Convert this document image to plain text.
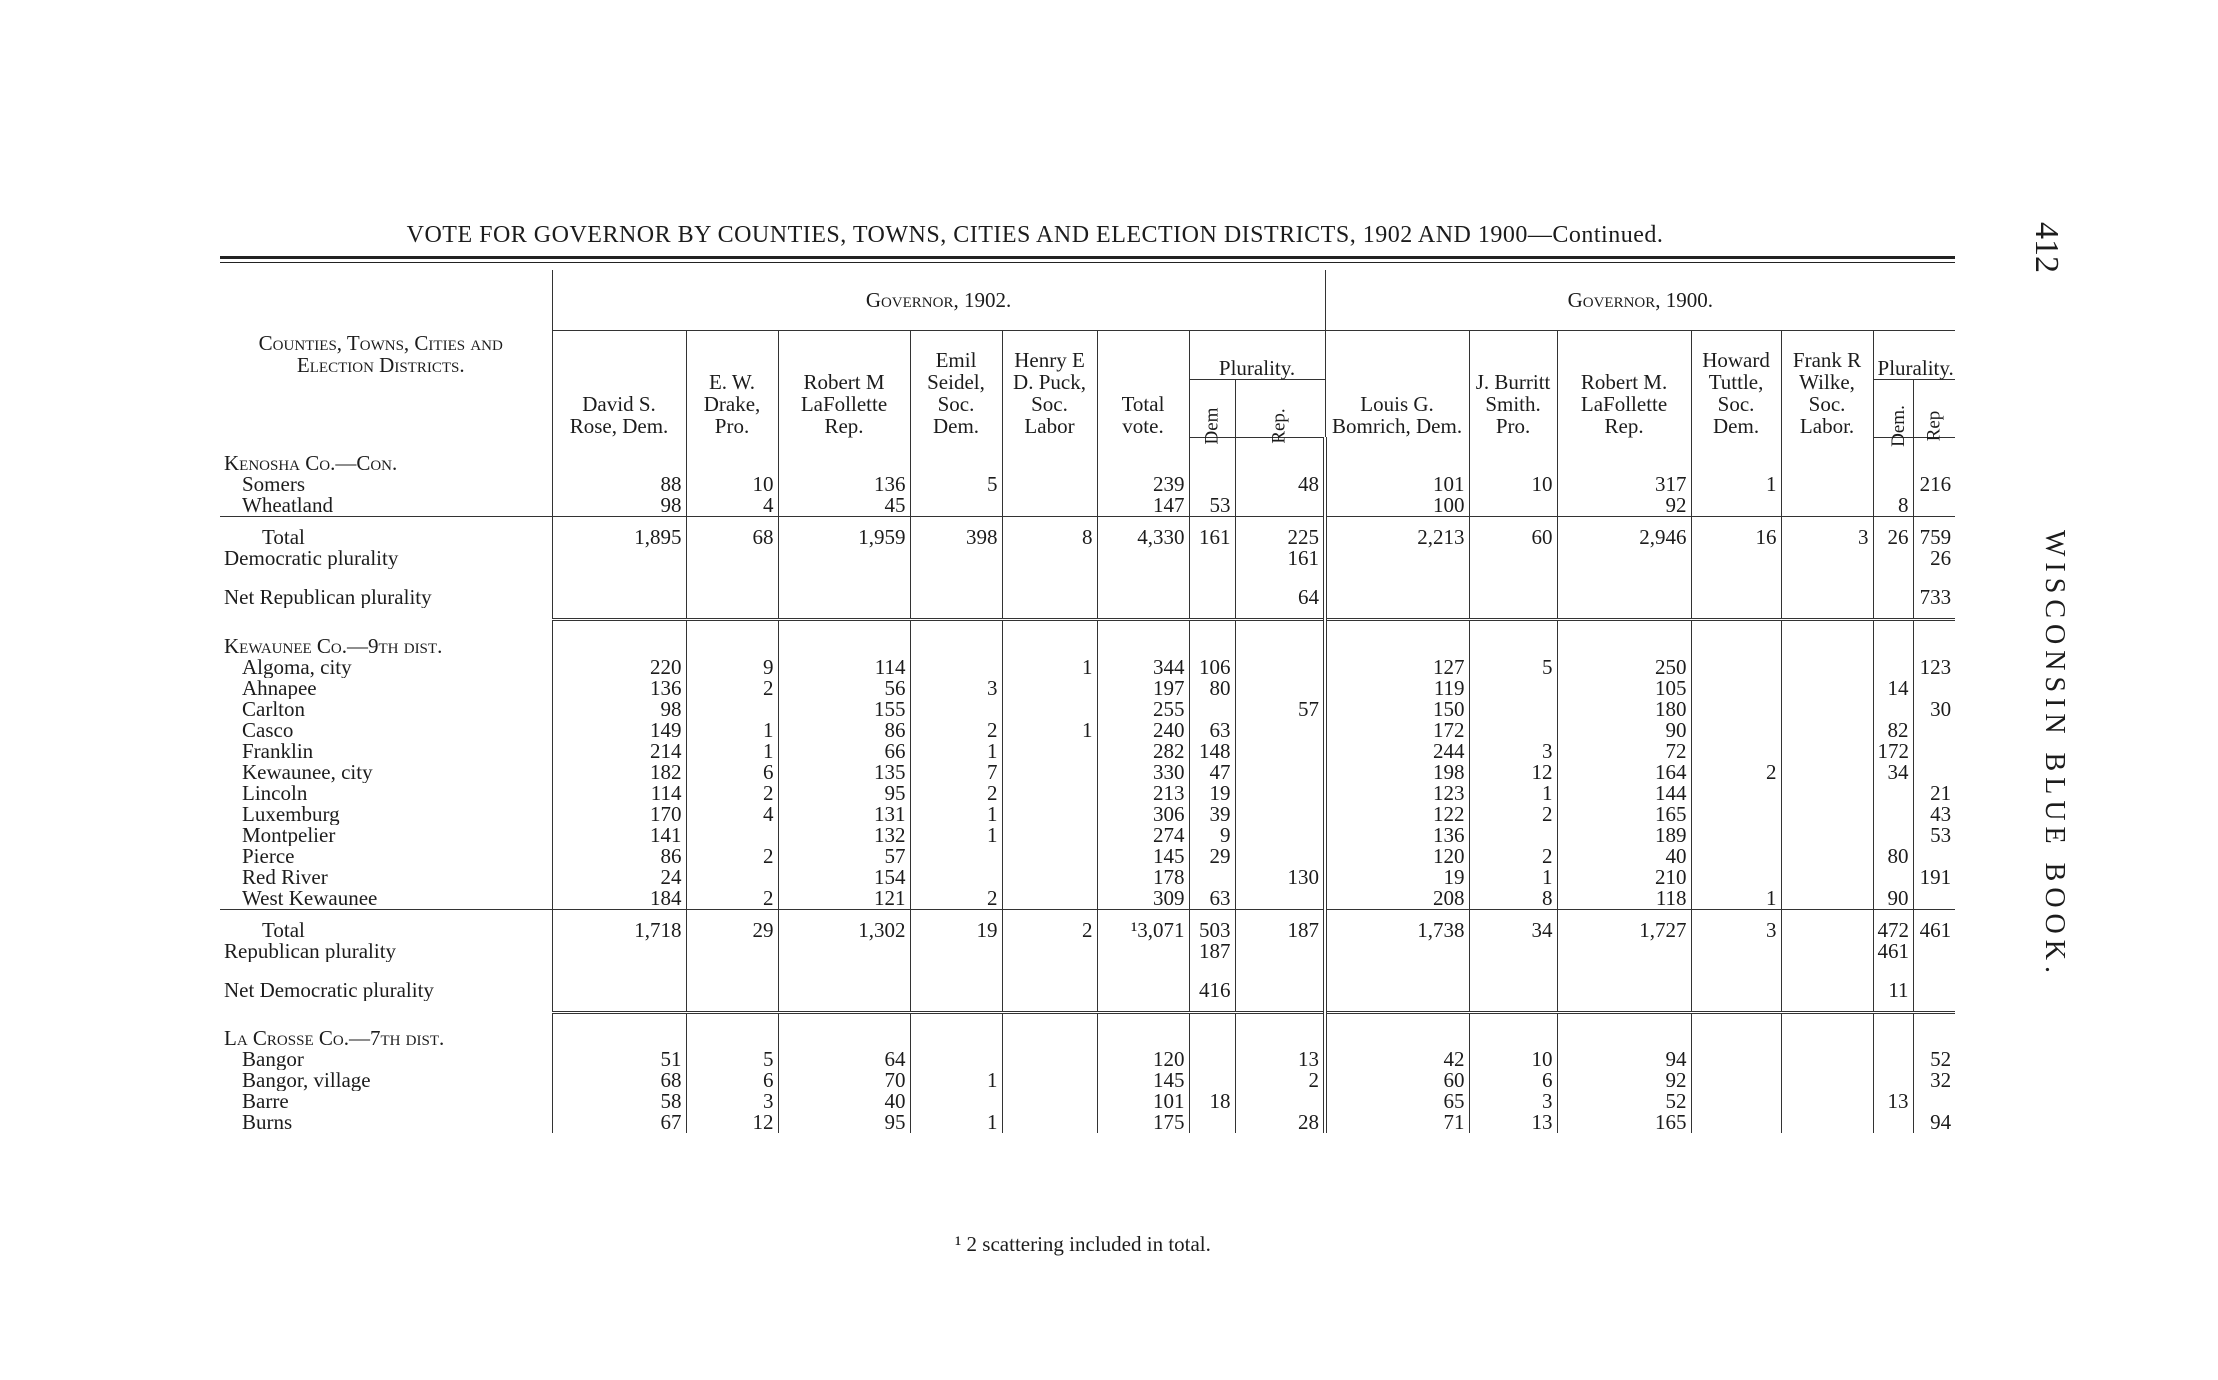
VOTE FOR GOVERNOR BY COUNTIES, TOWNS, CITIES AND ELECTION DISTRICTS, 1902 AND 1900—Continued.	412
WISCONSIN BLUE BOOK.
Counties, Towns, Cities and Election Districts.	Governor, 1902.								Governor, 1900.						
	David S. Rose, Dem.	E. W. Drake, Pro.	Robert M LaFollette Rep.	Emil Seidel, Soc. Dem.	Henry E D. Puck, Soc. Labor	Total vote.	Plurality.		Louis G. Bomrich, Dem.	J. Burritt Smith. Pro.	Robert M. LaFollette Rep.	Howard Tuttle, Soc. Dem.	Frank R Wilke, Soc. Labor.	Plurality.	
							Dem	Rep.						Dem.	Rep
Kenosha Co.—Con.															
Somers	88	10	136	5		239		48	101	10	317	1			216
Wheatland	98	4	45			147	53		100		92			8	
Total	1,895	68	1,959	398	8	4,330	161	225	2,213	60	2,946	16	3	26	759
Democratic plurality								161							26
Net Republican plurality								64							733

Kewaunee Co.—9th dist.															
Algoma, city	220	9	114		1	344	106		127	5	250				123
Ahnapee	136	2	56	3		197	80		119		105			14	
Carlton	98		155			255		57	150		180				30
Casco	149	1	86	2	1	240	63		172		90			82	
Franklin	214	1	66	1		282	148		244	3	72			172	
Kewaunee, city	182	6	135	7		330	47		198	12	164	2		34	
Lincoln	114	2	95	2		213	19		123	1	144				21
Luxemburg	170	4	131	1		306	39		122	2	165				43
Montpelier	141		132	1		274	9		136		189				53
Pierce	86	2	57			145	29		120	2	40			80	
Red River	24		154			178		130	19	1	210				191
West Kewaunee	184	2	121	2		309	63		208	8	118	1		90	
Total	1,718	29	1,302	19	2	¹3,071	503	187	1,738	34	1,727	3		472	461
Republican plurality							187							461	
Net Democratic plurality							416							11	

La Crosse Co.—7th dist.															
Bangor	51	5	64			120		13	42	10	94				52
Bangor, village	68	6	70	1		145		2	60	6	92				32
Barre	58	3	40			101	18		65	3	52			13	
Burns	67	12	95	1		175		28	71	13	165				94
¹ 2 scattering included in total.
